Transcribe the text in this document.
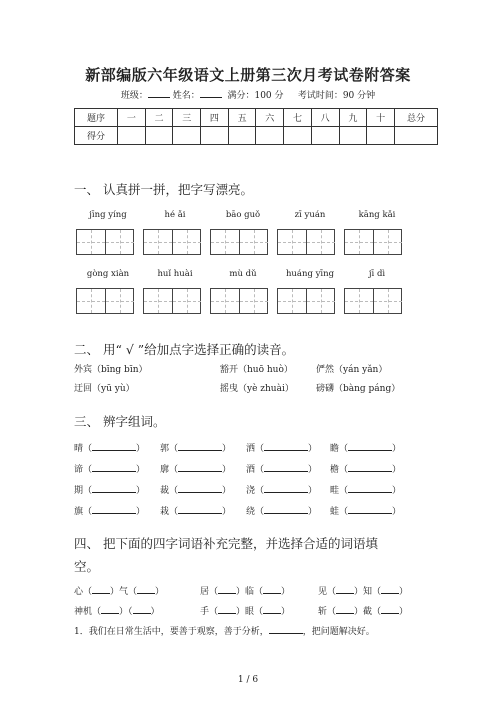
新部编版六年级语文上册第三次月考试卷附答案
班级：	姓名：	满分：100 分 考试时间：90 分钟
题序	一	二	三	四	五	六	七	八	九	十	总分
得分											
一、 认真拼一拼，把字写漂亮。
jīng yíng	hé ǎi	bāo guǒ	zī yuán	kāng kǎi
gòng xiàn	huǐ huài	mù dǔ	huáng yīng	jī dì
二、 用“ √ ”给加点字选择正确的读音。
外宾（bīng bīn）	豁开（huō huò）	俨然（yán yǎn）
迂回（yū yù）	摇曳（yè zhuài） 磅礴（bàng páng）
三、 辨字组词。
晴（	） 郭（	） 洒（	） 瞻（	）
谛（	） 廓（	） 酒（	） 檐（	）
期（	） 裁（	） 浇（	） 畦（	）
旗（	） 栽（	） 绕（	） 蛙（	）
四、 把下面的四字词语补充完整，并选择合适的词语填
空。
心（ ）气（ ）	居（ ）临（ ）	见（ ）知（ ）
神机（ ）（ ）	手（ ）眼（ ）	斩（ ）截（ ）
1．我们在日常生活中，要善于观察，善于分析，	，把问题解决好。
1 / 6
